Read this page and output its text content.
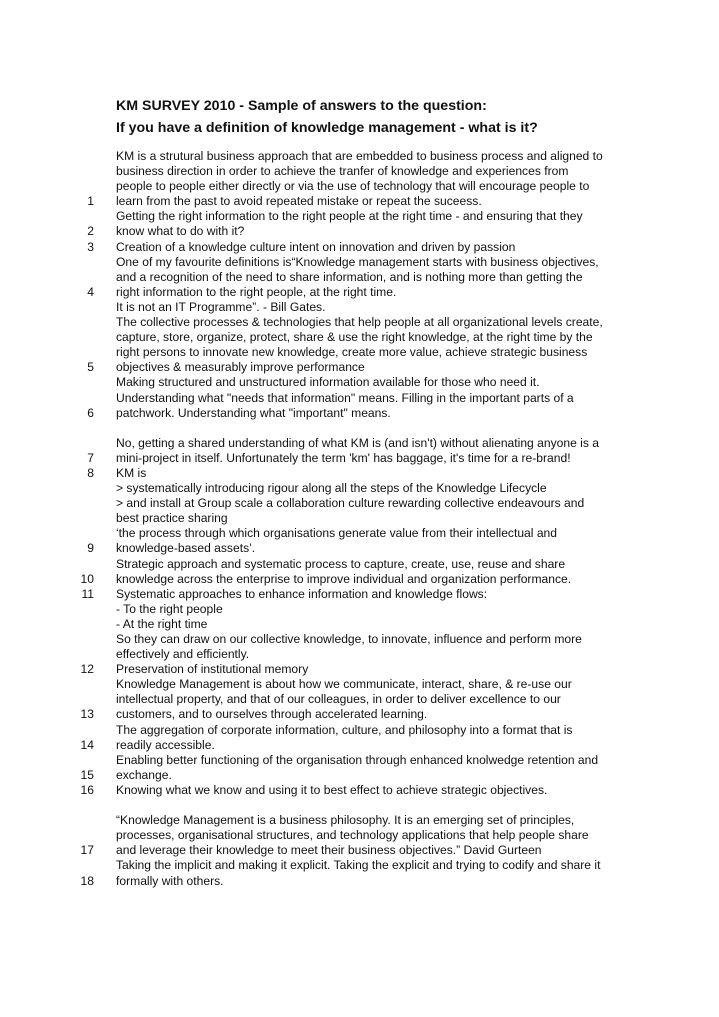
KM SURVEY 2010 - Sample of answers to the question:
If you have a definition of knowledge management - what is it?
1
KM is a strutural business approach that are embedded to business process and aligned to
business direction in order to achieve the tranfer of knowledge and experiences from
people to people either directly or via the use of technology that will encourage people to
learn from the past to avoid repeated mistake or repeat the suceess.
2
Getting the right information to the right people at the right time - and ensuring that they
know what to do with it?
3 Creation of a knowledge culture intent on innovation and driven by passion
4
One of my favourite definitions is“Knowledge management starts with business objectives,
and a recognition of the need to share information, and is nothing more than getting the
right information to the right people, at the right time.
It is not an IT Programme”. - Bill Gates.
5
The collective processes & technologies that help people at all organizational levels create,
capture, store, organize, protect, share & use the right knowledge, at the right time by the
right persons to innovate new knowledge, create more value, achieve strategic business
objectives & measurably improve performance
6
Making structured and unstructured information available for those who need it.
Understanding what "needs that information" means. Filling in the important parts of a
patchwork. Understanding what "important" means.
7
No, getting a shared understanding of what KM is (and isn't) without alienating anyone is a
mini-project in itself. Unfortunately the term 'km' has baggage, it's time for a re-brand!
8 KM is
> systematically introducing rigour along all the steps of the Knowledge Lifecycle
> and install at Group scale a collaboration culture rewarding collective endeavours and
best practice sharing
9
‘the process through which organisations generate value from their intellectual and
knowledge-based assets’.
10
Strategic approach and systematic process to capture, create, use, reuse and share
knowledge across the enterprise to improve individual and organization performance.
11 Systematic approaches to enhance information and knowledge flows:
- To the right people
- At the right time
So they can draw on our collective knowledge, to innovate, influence and perform more
effectively and efficiently.
12 Preservation of institutional memory
13
Knowledge Management is about how we communicate, interact, share, & re-use our
intellectual property, and that of our colleagues, in order to deliver excellence to our
customers, and to ourselves through accelerated learning.
14
The aggregation of corporate information, culture, and philosophy into a format that is
readily accessible.
15
Enabling better functioning of the organisation through enhanced knolwedge retention and
exchange.
16 Knowing what we know and using it to best effect to achieve strategic objectives.
17
“Knowledge Management is a business philosophy. It is an emerging set of principles,
processes, organisational structures, and technology applications that help people share
and leverage their knowledge to meet their business objectives.” David Gurteen
18
Taking the implicit and making it explicit. Taking the explicit and trying to codify and share it
formally with others.
